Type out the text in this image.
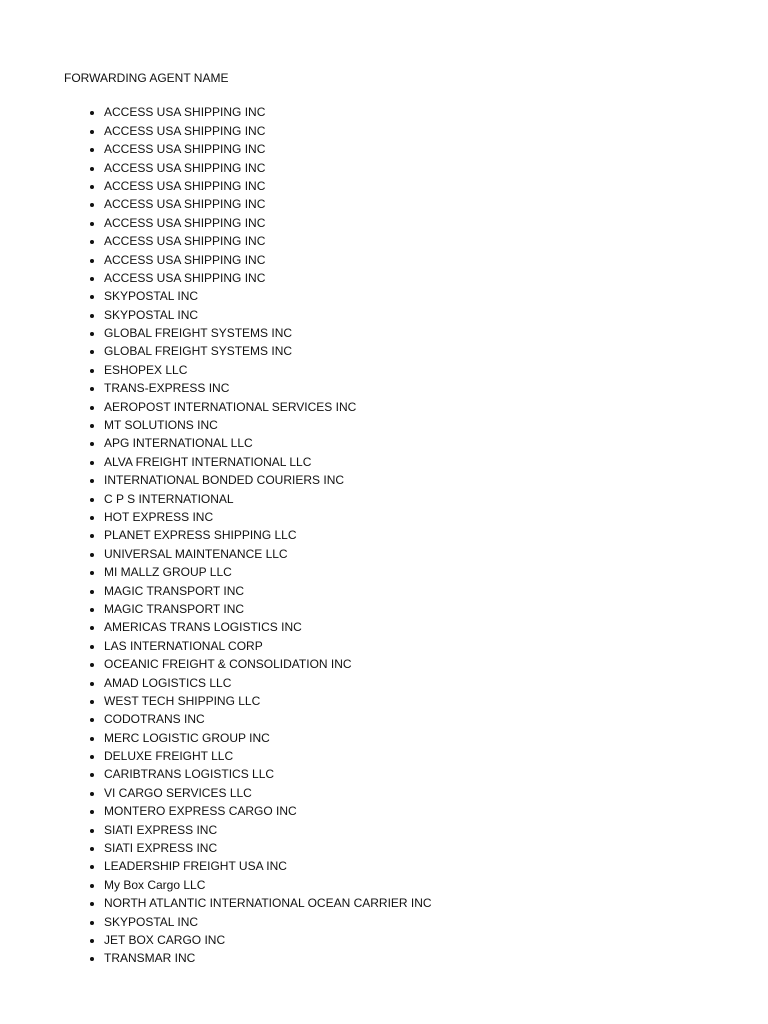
FORWARDING AGENT NAME
• ACCESS USA SHIPPING INC
• ACCESS USA SHIPPING INC
• ACCESS USA SHIPPING INC
• ACCESS USA SHIPPING INC
• ACCESS USA SHIPPING INC
• ACCESS USA SHIPPING INC
• ACCESS USA SHIPPING INC
• ACCESS USA SHIPPING INC
• ACCESS USA SHIPPING INC
• ACCESS USA SHIPPING INC
• SKYPOSTAL INC
• SKYPOSTAL INC
• GLOBAL FREIGHT SYSTEMS INC
• GLOBAL FREIGHT SYSTEMS INC
• ESHOPEX LLC
• TRANS-EXPRESS INC
• AEROPOST INTERNATIONAL SERVICES INC
• MT SOLUTIONS INC
• APG INTERNATIONAL LLC
• ALVA FREIGHT INTERNATIONAL LLC
• INTERNATIONAL BONDED COURIERS INC
• C P S INTERNATIONAL
• HOT EXPRESS INC
• PLANET EXPRESS SHIPPING LLC
• UNIVERSAL MAINTENANCE LLC
• MI MALLZ GROUP LLC
• MAGIC TRANSPORT INC
• MAGIC TRANSPORT INC
• AMERICAS TRANS LOGISTICS INC
• LAS INTERNATIONAL CORP
• OCEANIC FREIGHT & CONSOLIDATION INC
• AMAD LOGISTICS LLC
• WEST TECH SHIPPING LLC
• CODOTRANS INC
• MERC LOGISTIC GROUP INC
• DELUXE FREIGHT LLC
• CARIBTRANS LOGISTICS LLC
• VI CARGO SERVICES LLC
• MONTERO EXPRESS CARGO INC
• SIATI EXPRESS INC
• SIATI EXPRESS INC
• LEADERSHIP FREIGHT USA INC
• My Box Cargo LLC
• NORTH ATLANTIC INTERNATIONAL OCEAN CARRIER INC
• SKYPOSTAL INC
• JET BOX CARGO INC
• TRANSMAR INC
